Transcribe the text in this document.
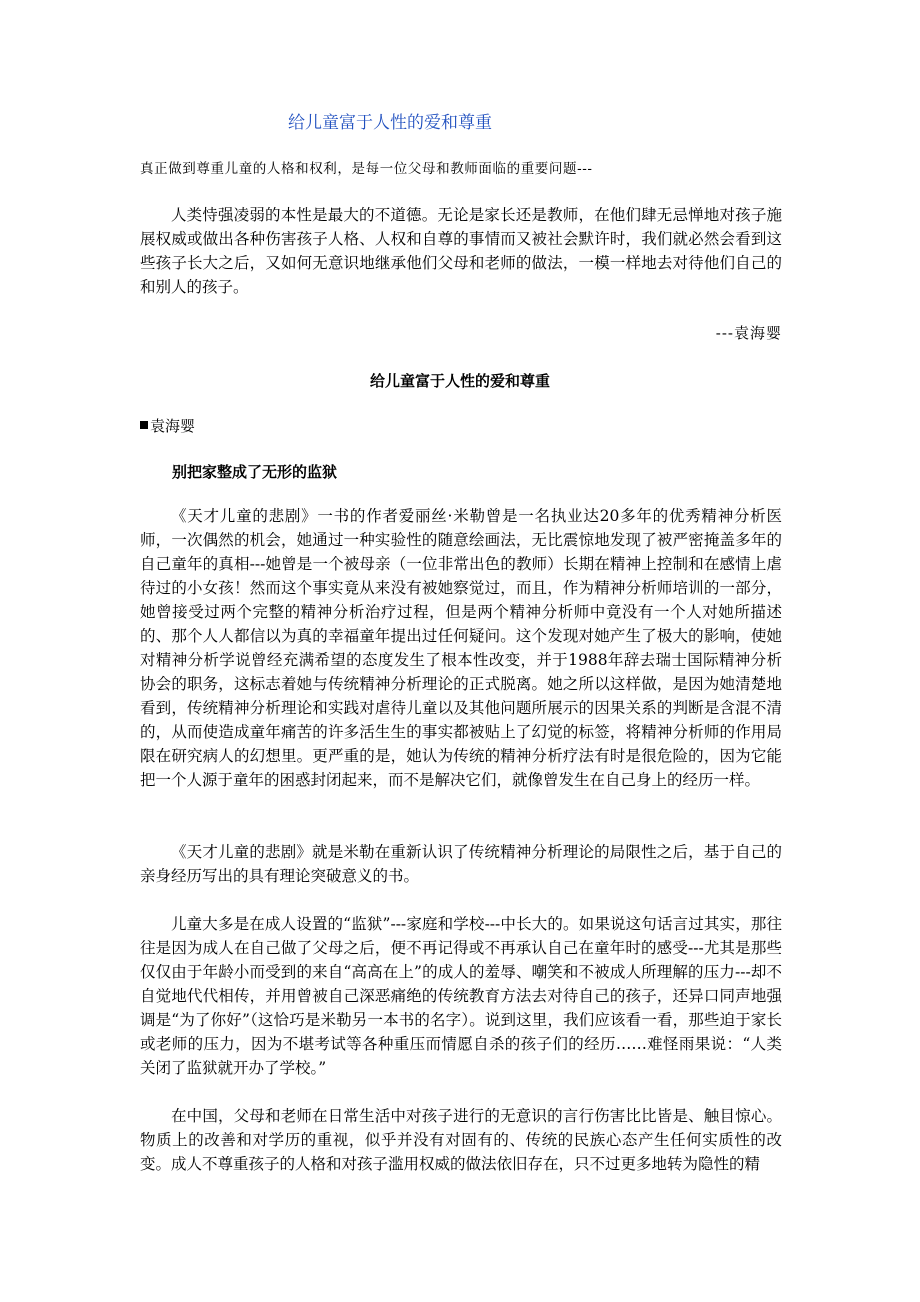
给儿童富于人性的爱和尊重
真正做到尊重儿童的人格和权利，是每一位父母和教师面临的重要问题---

人类恃强凌弱的本性是最大的不道德。无论是家长还是教师，在他们肆无忌惮地对孩子施展权威或做出各种伤害孩子人格、人权和自尊的事情而又被社会默许时，我们就必然会看到这些孩子长大之后，又如何无意识地继承他们父母和老师的做法，一模一样地去对待他们自己的和别人的孩子。

---袁海婴
给儿童富于人性的爱和尊重
袁海婴
别把家整成了无形的监狱

《天才儿童的悲剧》一书的作者爱丽丝·米勒曾是一名执业达20多年的优秀精神分析医师，一次偶然的机会，她通过一种实验性的随意绘画法，无比震惊地发现了被严密掩盖多年的自己童年的真相---她曾是一个被母亲（一位非常出色的教师）长期在精神上控制和在感情上虐待过的小女孩！然而这个事实竟从来没有被她察觉过，而且，作为精神分析师培训的一部分，她曾接受过两个完整的精神分析治疗过程，但是两个精神分析师中竟没有一个人对她所描述的、那个人人都信以为真的幸福童年提出过任何疑问。这个发现对她产生了极大的影响，使她对精神分析学说曾经充满希望的态度发生了根本性改变，并于1988年辞去瑞士国际精神分析协会的职务，这标志着她与传统精神分析理论的正式脱离。她之所以这样做，是因为她清楚地看到，传统精神分析理论和实践对虐待儿童以及其他问题所展示的因果关系的判断是含混不清的，从而使造成童年痛苦的许多活生生的事实都被贴上了幻觉的标签，将精神分析师的作用局限在研究病人的幻想里。更严重的是，她认为传统的精神分析疗法有时是很危险的，因为它能把一个人源于童年的困惑封闭起来，而不是解决它们，就像曾发生在自己身上的经历一样。

《天才儿童的悲剧》就是米勒在重新认识了传统精神分析理论的局限性之后，基于自己的亲身经历写出的具有理论突破意义的书。

儿童大多是在成人设置的“监狱”---家庭和学校---中长大的。如果说这句话言过其实，那往往是因为成人在自己做了父母之后，便不再记得或不再承认自己在童年时的感受---尤其是那些仅仅由于年龄小而受到的来自“高高在上”的成人的羞辱、嘲笑和不被成人所理解的压力---却不自觉地代代相传，并用曾被自己深恶痛绝的传统教育方法去对待自己的孩子，还异口同声地强调是“为了你好”（这恰巧是米勒另一本书的名字）。说到这里，我们应该看一看，那些迫于家长或老师的压力，因为不堪考试等各种重压而情愿自杀的孩子们的经历……难怪雨果说：“人类关闭了监狱就开办了学校。”

在中国，父母和老师在日常生活中对孩子进行的无意识的言行伤害比比皆是、触目惊心。物质上的改善和对学历的重视，似乎并没有对固有的、传统的民族心态产生任何实质性的改变。成人不尊重孩子的人格和对孩子滥用权威的做法依旧存在，只不过更多地转为隐性的精
